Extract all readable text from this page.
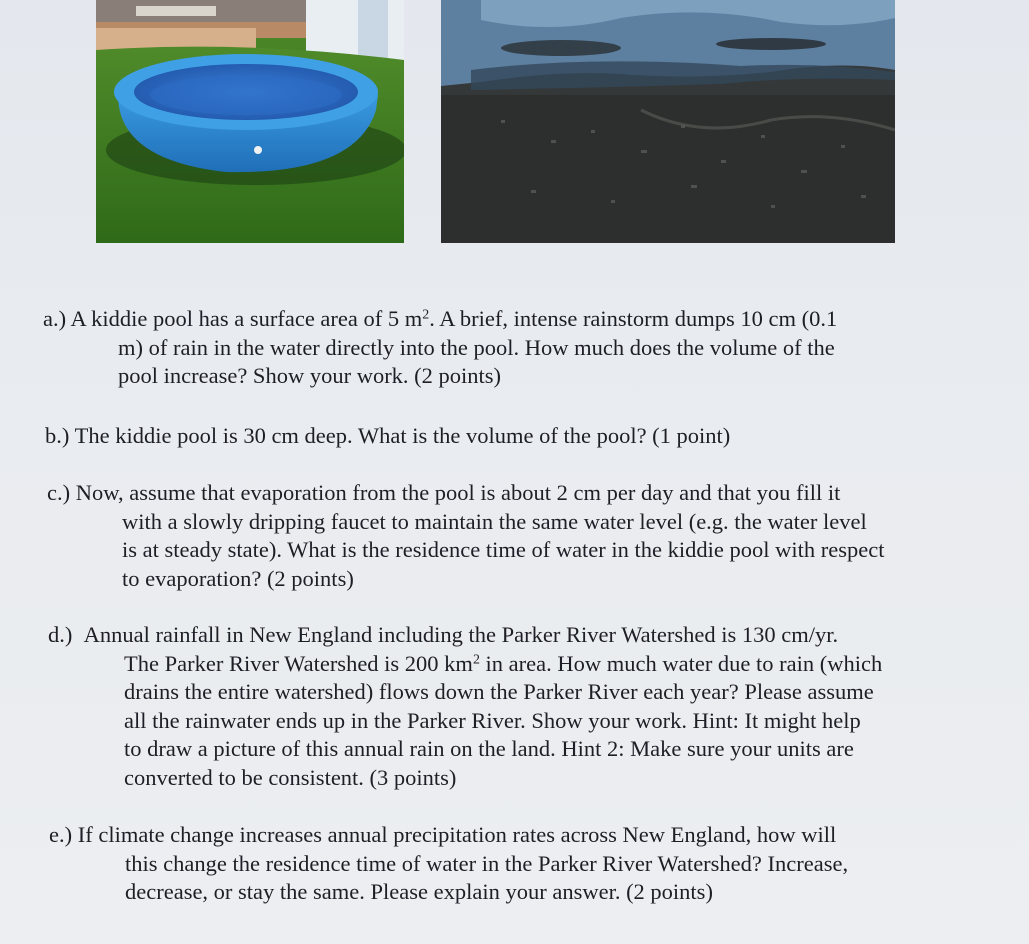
a.) A kiddie pool has a surface area of 5 $m^2$. A brief, intense rainstorm dumps 10 cm (0.1
m) of rain in the water directly into the pool. How much does the volume of the
pool increase? Show your work. (2 points)
b.) The kiddie pool is 30 cm deep. What is the volume of the pool? (1 point)
c.) Now, assume that evaporation from the pool is about 2 cm per day and that you fill it
with a slowly dripping faucet to maintain the same water level (e.g. the water level
is at steady state). What is the residence time of water in the kiddie pool with respect
to evaporation? (2 points)
d.) Annual rainfall in New England including the Parker River Watershed is 130 cm/yr.
The Parker River Watershed is 200 $km^2$ in area. How much water due to rain (which
drains the entire watershed) flows down the Parker River each year? Please assume
all the rainwater ends up in the Parker River. Show your work. Hint: It might help
to draw a picture of this annual rain on the land. Hint 2: Make sure your units are
converted to be consistent. (3 points)
e.) If climate change increases annual precipitation rates across New England, how will
this change the residence time of water in the Parker River Watershed? Increase,
decrease, or stay the same. Please explain your answer. (2 points)
